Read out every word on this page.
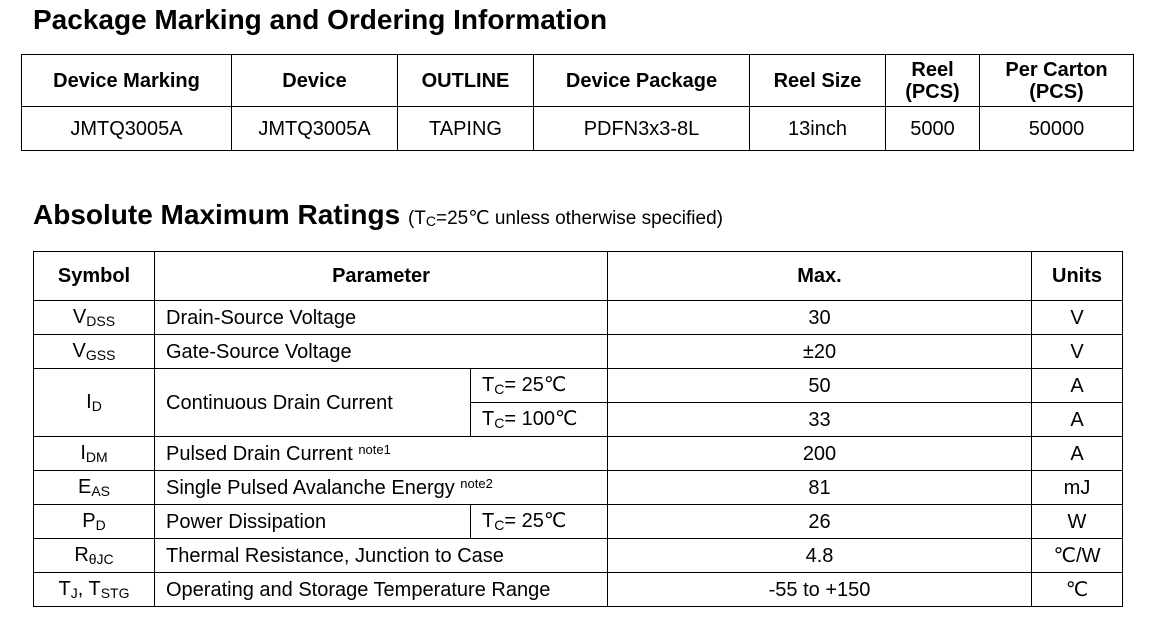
Package Marking and Ordering Information
Device Marking	Device	OUTLINE	Device Package	Reel Size	Reel (PCS)	Per Carton (PCS)
JMTQ3005A	JMTQ3005A	TAPING	PDFN3x3-8L	13inch	5000	50000
Absolute Maximum Ratings (TC=25℃ unless otherwise specified)
Symbol	Parameter		Max.	Units
VDSS	Drain-Source Voltage		30	V
VGSS	Gate-Source Voltage		±20	V
ID	Continuous Drain Current	TC= 25℃	50	A
		TC= 100℃	33	A
IDM	Pulsed Drain Current $^{note1}$		200	A
EAS	Single Pulsed Avalanche Energy $^{note2}$		81	mJ
PD	Power Dissipation	TC= 25℃	26	W
RθJC	Thermal Resistance, Junction to Case		4.8	℃/W
TJ, TSTG	Operating and Storage Temperature Range		-55 to +150	℃
